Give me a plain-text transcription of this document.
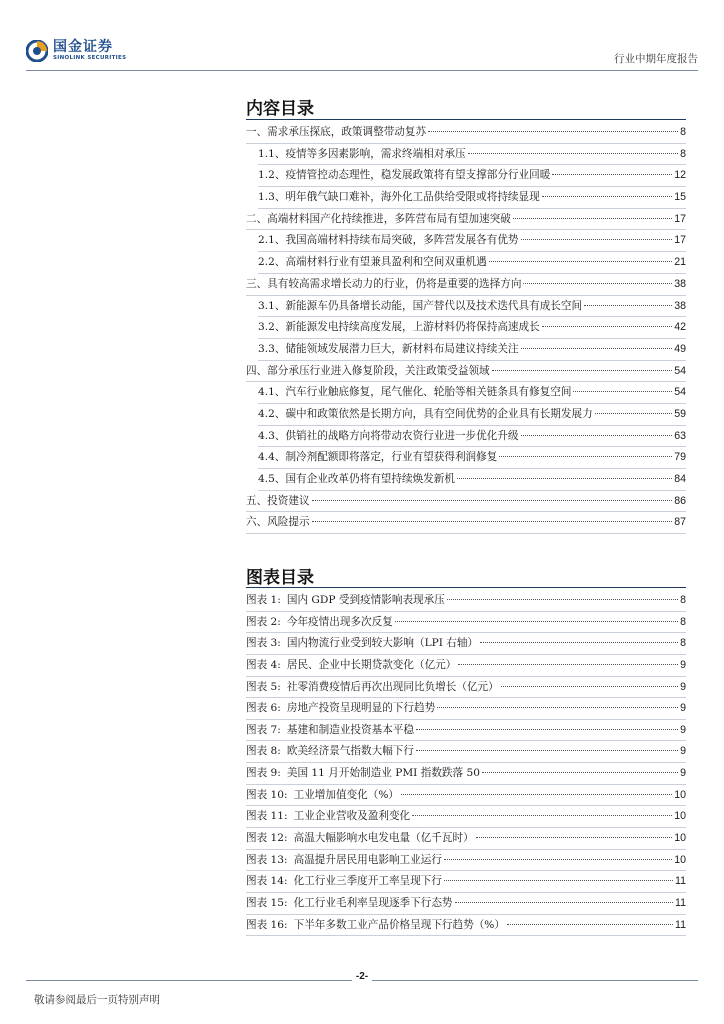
国金证券
SINOLINK SECURITIES	行业中期年度报告
内容目录
一、需求承压探底，政策调整带动复苏	8
1.1、疫情等多因素影响，需求终端相对承压	8
1.2、疫情管控动态理性，稳发展政策将有望支撑部分行业回暖	12
1.3、明年俄气缺口难补，海外化工品供给受限或将持续显现	15
二、高端材料国产化持续推进，多阵营布局有望加速突破	17
2.1、我国高端材料持续布局突破，多阵营发展各有优势	17
2.2、高端材料行业有望兼具盈利和空间双重机遇	21
三、具有较高需求增长动力的行业，仍将是重要的选择方向	38
3.1、新能源车仍具备增长动能，国产替代以及技术迭代具有成长空间	38
3.2、新能源发电持续高度发展，上游材料仍将保持高速成长	42
3.3、储能领域发展潜力巨大，新材料布局建议持续关注	49
四、部分承压行业进入修复阶段，关注政策受益领域	54
4.1、汽车行业触底修复，尾气催化、轮胎等相关链条具有修复空间	54
4.2、碳中和政策依然是长期方向，具有空间优势的企业具有长期发展力	59
4.3、供销社的战略方向将带动农资行业进一步优化升级	63
4.4、制冷剂配额即将落定，行业有望获得利润修复	79
4.5、国有企业改革仍将有望持续焕发新机	84
五、投资建议	86
六、风险提示	87
图表目录
图表 1: 国内 GDP 受到疫情影响表现承压	8
图表 2: 今年疫情出现多次反复	8
图表 3: 国内物流行业受到较大影响（LPI 右轴）	8
图表 4: 居民、企业中长期贷款变化（亿元）	9
图表 5: 社零消费疫情后再次出现同比负增长（亿元）	9
图表 6: 房地产投资呈现明显的下行趋势	9
图表 7: 基建和制造业投资基本平稳	9
图表 8: 欧美经济景气指数大幅下行	9
图表 9: 美国 11 月开始制造业 PMI 指数跌落 50	9
图表 10: 工业增加值变化（%）	10
图表 11: 工业企业营收及盈利变化	10
图表 12: 高温大幅影响水电发电量（亿千瓦时）	10
图表 13: 高温提升居民用电影响工业运行	10
图表 14: 化工行业三季度开工率呈现下行	11
图表 15: 化工行业毛利率呈现逐季下行态势	11
图表 16: 下半年多数工业产品价格呈现下行趋势（%）	11
-2-
敬请参阅最后一页特别声明
